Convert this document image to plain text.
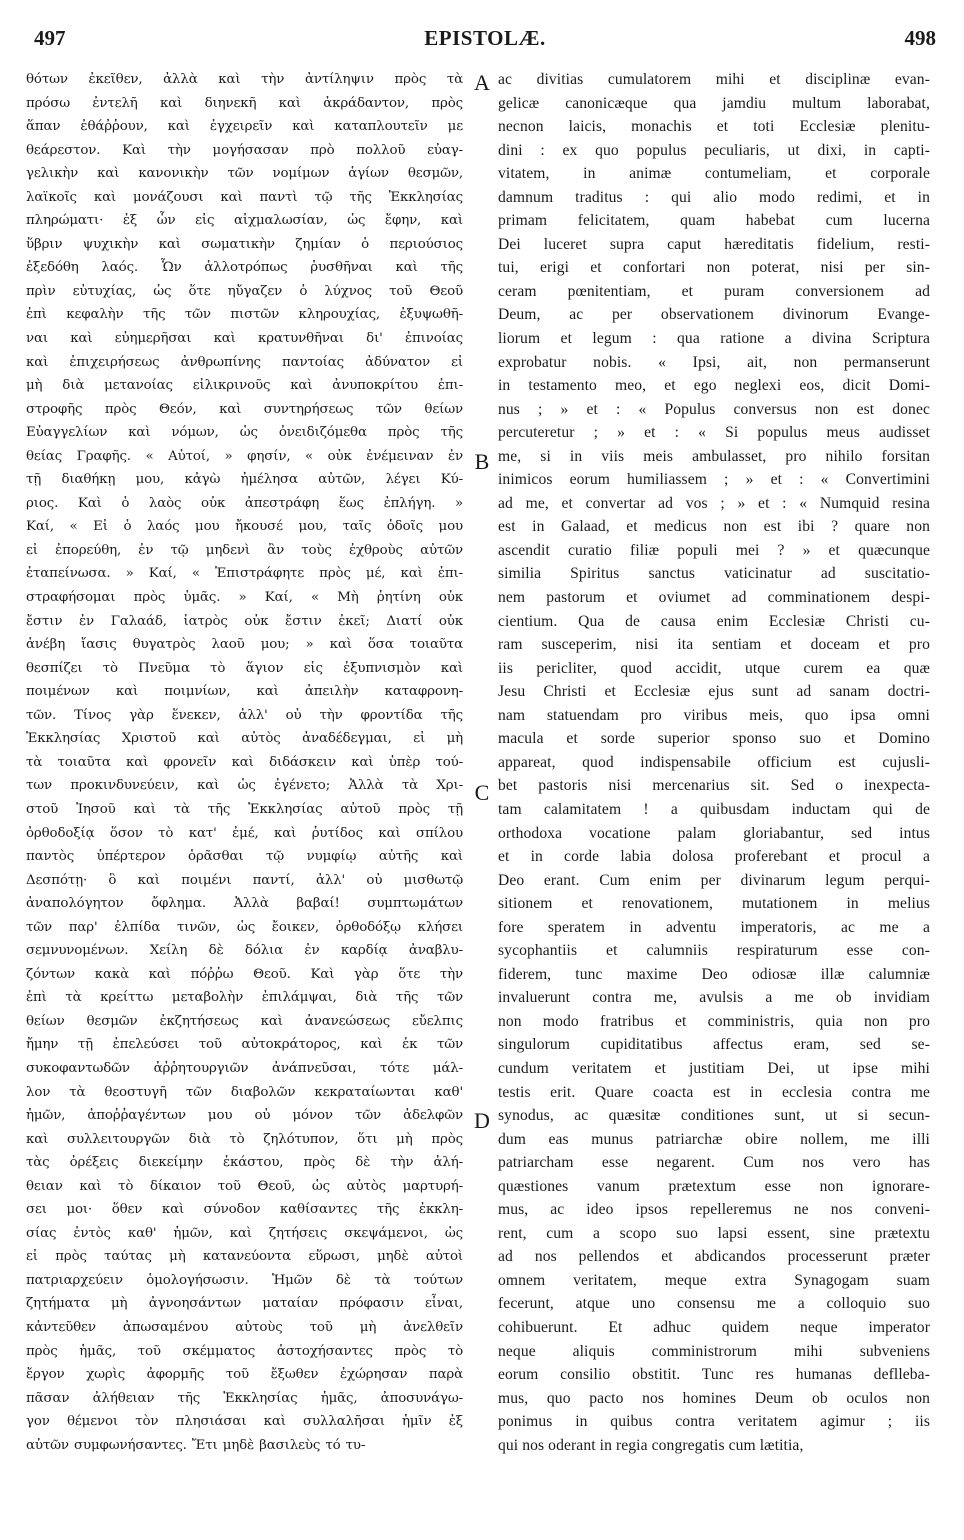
497	EPISTOLÆ.	498
θότων ἐκεῖθεν, ἀλλὰ καὶ τὴν ἀντίληψιν πρὸς τὰ
πρόσω ἐντελῆ καὶ διηνεκῆ καὶ ἀκράδαντον, πρὸς
ἅπαν ἐθάῤῥουν, καὶ ἐγχειρεῖν καὶ καταπλουτεῖν με
θεάρεστον. Καὶ τὴν μογήσασαν πρὸ πολλοῦ εὐαγ-
γελικὴν καὶ κανονικὴν τῶν νομίμων ἁγίων θεσμῶν,
λαϊκοῖς καὶ μονάζουσι καὶ παντὶ τῷ τῆς Ἐκκλησίας
πληρώματι· ἐξ ὧν εἰς αἰχμαλωσίαν, ὡς ἔφην, καὶ
ὕβριν ψυχικὴν καὶ σωματικὴν ζημίαν ὁ περιούσιος
ἐξεδόθη λαός. Ὧν ἀλλοτρόπως ῥυσθῆναι καὶ τῆς
πρὶν εὐτυχίας, ὡς ὅτε ηὔγαζεν ὁ λύχνος τοῦ Θεοῦ
ἐπὶ κεφαλὴν τῆς τῶν πιστῶν κληρουχίας, ἐξυψωθῆ-
ναι καὶ εὐημερῆσαι καὶ κρατυνθῆναι δι' ἐπινοίας
καὶ ἐπιχειρήσεως ἀνθρωπίνης παντοίας ἀδύνατον εἰ
μὴ διὰ μετανοίας εἰλικρινοῦς καὶ ἀνυποκρίτου ἐπι-
στροφῆς πρὸς Θεόν, καὶ συντηρήσεως τῶν θείων
Εὐαγγελίων καὶ νόμων, ὡς ὀνειδιζόμεθα πρὸς τῆς
θείας Γραφῆς. « Αὐτοί, » φησίν, « οὐκ ἐνέμειναν ἐν
τῇ διαθήκῃ μου, κἀγὼ ἠμέλησα αὐτῶν, λέγει Κύ-
ριος. Καὶ ὁ λαὸς οὐκ ἀπεστράφη ἕως ἐπλήγη. »
Καί, « Εἰ ὁ λαός μου ἤκουσέ μου, ταῖς ὁδοῖς μου
εἰ ἐπορεύθη, ἐν τῷ μηδενὶ ἂν τοὺς ἐχθροὺς αὐτῶν
ἐταπείνωσα. » Καί, « Ἐπιστράφητε πρὸς μέ, καὶ ἐπι-
στραφήσομαι πρὸς ὑμᾶς. » Καί, « Μὴ ῥητίνη οὐκ
ἔστιν ἐν Γαλαάδ, ἰατρὸς οὐκ ἔστιν ἐκεῖ; Διατί οὐκ
ἀνέβη ἴασις θυγατρὸς λαοῦ μου; » καὶ ὅσα τοιαῦτα
θεσπίζει τὸ Πνεῦμα τὸ ἅγιον εἰς ἐξυπνισμὸν καὶ
ποιμένων καὶ ποιμνίων, καὶ ἀπειλὴν καταφρονη-
τῶν. Τίνος γὰρ ἕνεκεν, ἀλλ' οὐ τὴν φροντίδα τῆς
Ἐκκλησίας Χριστοῦ καὶ αὐτὸς ἀναδέδεγμαι, εἰ μὴ
τὰ τοιαῦτα καὶ φρονεῖν καὶ διδάσκειν καὶ ὑπὲρ τού-
των προκινδυνεύειν, καὶ ὡς ἐγένετο; Ἀλλὰ τὰ Χρι-
στοῦ Ἰησοῦ καὶ τὰ τῆς Ἐκκλησίας αὐτοῦ πρὸς τῇ
ὀρθοδοξίᾳ ὅσον τὸ κατ' ἐμέ, καὶ ῥυτίδος καὶ σπίλου
παντὸς ὑπέρτερον ὁρᾶσθαι τῷ νυμφίῳ αὐτῆς καὶ
Δεσπότῃ· ὃ καὶ ποιμένι παντί, ἀλλ' οὐ μισθωτῷ
ἀναπολόγητον ὄφλημα. Ἀλλὰ βαβαί! συμπτωμάτων
τῶν παρ' ἐλπίδα τινῶν, ὡς ἔοικεν, ὀρθοδόξῳ κλήσει
σεμνυνομένων. Χείλη δὲ δόλια ἐν καρδίᾳ ἀναβλυ-
ζόντων κακὰ καὶ πόῤῥω Θεοῦ. Καὶ γὰρ ὅτε τὴν
ἐπὶ τὰ κρείττω μεταβολὴν ἐπιλάμψαι, διὰ τῆς τῶν
θείων θεσμῶν ἐκζητήσεως καὶ ἀνανεώσεως εὔελπις
ἤμην τῇ ἐπελεύσει τοῦ αὐτοκράτορος, καὶ ἐκ τῶν
συκοφαντωδῶν ἀῤῥητουργιῶν ἀνάπνεῦσαι, τότε μάλ-
λον τὰ θεοστυγῆ τῶν διαβολῶν κεκραταίωνται καθ'
ἡμῶν, ἀποῤῥαγέντων μου οὐ μόνον τῶν ἀδελφῶν
καὶ συλλειτουργῶν διὰ τὸ ζηλότυπον, ὅτι μὴ πρὸς
τὰς ὀρέξεις διεκείμην ἑκάστου, πρὸς δὲ τὴν ἀλή-
θειαν καὶ τὸ δίκαιον τοῦ Θεοῦ, ὡς αὐτὸς μαρτυρή-
σει μοι· ὅθεν καὶ σύνοδον καθίσαντες τῆς ἐκκλη-
σίας ἐντὸς καθ' ἡμῶν, καὶ ζητήσεις σκεψάμενοι, ὡς
εἰ πρὸς ταύτας μὴ κατανεύοντα εὕρωσι, μηδὲ αὐτοὶ
πατριαρχεύειν ὁμολογήσωσιν. Ἡμῶν δὲ τὰ τούτων
ζητήματα μὴ ἀγνοησάντων ματαίαν πρόφασιν εἶναι,
κἀντεῦθεν ἀπωσαμένου αὐτοὺς τοῦ μὴ ἀνελθεῖν
πρὸς ἡμᾶς, τοῦ σκέμματος ἀστοχήσαντες πρὸς τὸ
ἔργον χωρὶς ἀφορμῆς τοῦ ἔξωθεν ἐχώρησαν παρὰ
πᾶσαν ἀλήθειαν τῆς Ἐκκλησίας ἡμᾶς, ἀποσυνάγω-
γον θέμενοι τὸν πλησιάσαι καὶ συλλαλῆσαι ἡμῖν ἐξ
αὐτῶν συμφωνήσαντες. Ἔτι μηδὲ βασιλεὺς τό τυ-
A
B
C
D
ac divitias cumulatorem mihi et disciplinæ evan-
gelicæ canonicæque qua jamdiu multum laborabat,
necnon laicis, monachis et toti Ecclesiæ plenitu-
dini : ex quo populus peculiaris, ut dixi, in capti-
vitatem, in animæ contumeliam, et corporale
damnum traditus : qui alio modo redimi, et in
primam felicitatem, quam habebat cum lucerna
Dei luceret supra caput hæreditatis fidelium, resti-
tui, erigi et confortari non poterat, nisi per sin-
ceram pœnitentiam, et puram conversionem ad
Deum, ac per observationem divinorum Evange-
liorum et legum : qua ratione a divina Scriptura
exprobatur nobis. « Ipsi, ait, non permanserunt
in testamento meo, et ego neglexi eos, dicit Domi-
nus ; » et : « Populus conversus non est donec
percuteretur ; » et : « Si populus meus audisset
me, si in viis meis ambulasset, pro nihilo forsitan
inimicos eorum humiliassem ; » et : « Convertimini
ad me, et convertar ad vos ; » et : « Numquid resina
est in Galaad, et medicus non est ibi ? quare non
ascendit curatio filiæ populi mei ? » et quæcunque
similia Spiritus sanctus vaticinatur ad suscitatio-
nem pastorum et oviumet ad comminationem despi-
cientium. Qua de causa enim Ecclesiæ Christi cu-
ram susceperim, nisi ita sentiam et doceam et pro
iis pericliter, quod accidit, utque curem ea quæ
Jesu Christi et Ecclesiæ ejus sunt ad sanam doctri-
nam statuendam pro viribus meis, quo ipsa omni
macula et sorde superior sponso suo et Domino
appareat, quod indispensabile officium est cujusli-
bet pastoris nisi mercenarius sit. Sed o inexpecta-
tam calamitatem ! a quibusdam inductam qui de
orthodoxa vocatione palam gloriabantur, sed intus
et in corde labia dolosa proferebant et procul a
Deo erant. Cum enim per divinarum legum perqui-
sitionem et renovationem, mutationem in melius
fore speratem in adventu imperatoris, ac me a
sycophantiis et calumniis respiraturum esse con-
fiderem, tunc maxime Deo odiosæ illæ calumniæ
invaluerunt contra me, avulsis a me ob invidiam
non modo fratribus et comministris, quia non pro
singulorum cupiditatibus affectus eram, sed se-
cundum veritatem et justitiam Dei, ut ipse mihi
testis erit. Quare coacta est in ecclesia contra me
synodus, ac quæsitæ conditiones sunt, ut si secun-
dum eas munus patriarchæ obire nollem, me illi
patriarcham esse negarent. Cum nos vero has
quæstiones vanum prætextum esse non ignorare-
mus, ac ideo ipsos repelleremus ne nos conveni-
rent, cum a scopo suo lapsi essent, sine prætextu
ad nos pellendos et abdicandos processerunt præter
omnem veritatem, meque extra Synagogam suam
fecerunt, atque uno consensu me a colloquio suo
cohibuerunt. Et adhuc quidem neque imperator
neque aliquis comministrorum mihi subveniens
eorum consilio obstitit. Tunc res humanas deflleba-
mus, quo pacto nos homines Deum ob oculos non
ponimus in quibus contra veritatem agimur ; iis
qui nos oderant in regia congregatis cum lætitia,
